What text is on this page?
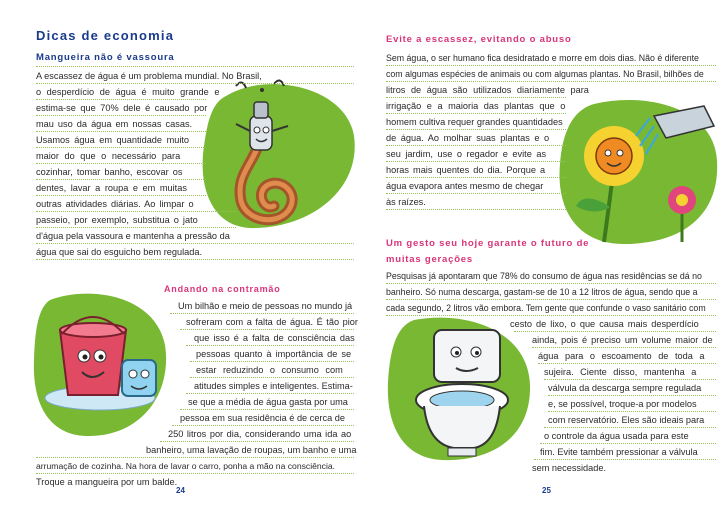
Dicas de economia
Mangueira não é vassoura
A escassez de água é um problema mundial. No Brasil,
o desperdício de água é muito grande e
estima-se que 70% dele é causado por
mau uso da água em nossas casas.
Usamos água em quantidade muito
maior do que o necessário para
cozinhar, tomar banho, escovar os
dentes, lavar a roupa e em muitas
outras atividades diárias. Ao limpar o
passeio, por exemplo, substitua o jato
d'água pela vassoura e mantenha a pressão da
água que sai do esguicho bem regulada.
Andando na contramão
Um bilhão e meio de pessoas no mundo já
sofreram com a falta de água. É tão pior
que isso é a falta de consciência das
pessoas quanto à importância de se
estar reduzindo o consumo com
atitudes simples e inteligentes. Estima-
se que a média de água gasta por uma
pessoa em sua residência é de cerca de
250 litros por dia, considerando uma ida ao
banheiro, uma lavação de roupas, um banho e uma
arrumação de cozinha. Na hora de lavar o carro, ponha a mão na consciência.
Troque a mangueira por um balde.
24
Evite a escassez, evitando o abuso
Sem água, o ser humano fica desidratado e morre em dois dias. Não é diferente
com algumas espécies de animais ou com algumas plantas. No Brasil, bilhões de
litros de água são utilizados diariamente para
irrigação e a maioria das plantas que o
homem cultiva requer grandes quantidades
de água. Ao molhar suas plantas e o
seu jardim, use o regador e evite as
horas mais quentes do dia. Porque a
água evapora antes mesmo de chegar
às raízes.
Um gesto seu hoje garante o futuro de
muitas gerações
Pesquisas já apontaram que 78% do consumo de água nas residências se dá no
banheiro. Só numa descarga, gastam-se de 10 a 12 litros de água, sendo que a
cada segundo, 2 litros vão embora. Tem gente que confunde o vaso sanitário com
cesto de lixo, o que causa mais desperdício
ainda, pois é preciso um volume maior de
água para o escoamento de toda a
sujeira. Ciente disso, mantenha a
válvula da descarga sempre regulada
e, se possível, troque-a por modelos
com reservatório. Eles são ideais para
o controle da água usada para este
fim. Evite também pressionar a válvula
sem necessidade.
25
